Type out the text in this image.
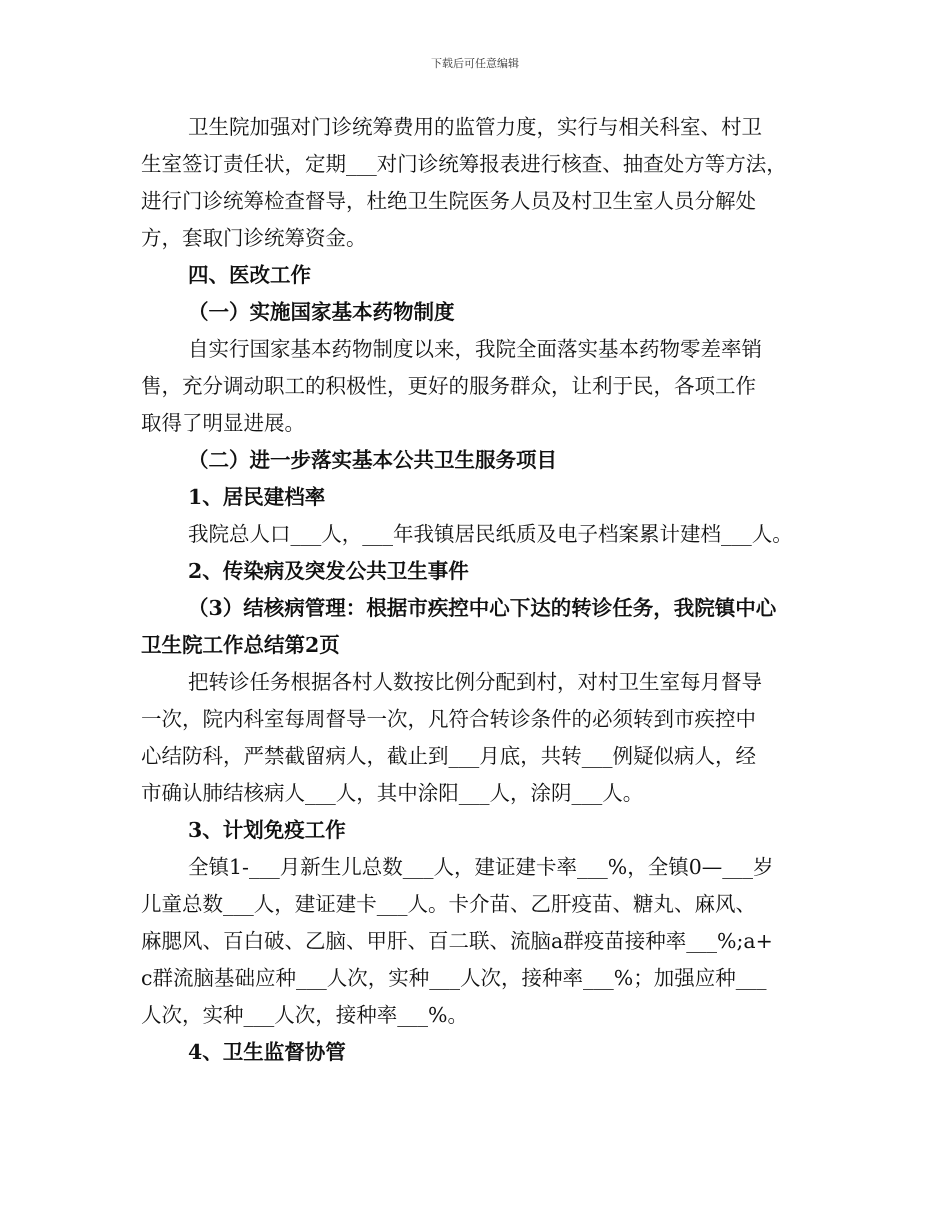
下载后可任意编辑
卫生院加强对门诊统筹费用的监管力度，实行与相关科室、村卫
生室签订责任状，定期___对门诊统筹报表进行核查、抽查处方等方法，
进行门诊统筹检查督导，杜绝卫生院医务人员及村卫生室人员分解处
方，套取门诊统筹资金。
四、医改工作
（一）实施国家基本药物制度
自实行国家基本药物制度以来，我院全面落实基本药物零差率销
售，充分调动职工的积极性，更好的服务群众，让利于民，各项工作
取得了明显进展。
（二）进一步落实基本公共卫生服务项目
1、居民建档率
我院总人口___人，___年我镇居民纸质及电子档案累计建档___人。
2、传染病及突发公共卫生事件
（3）结核病管理：根据市疾控中心下达的转诊任务，我院镇中心
卫生院工作总结第2页
把转诊任务根据各村人数按比例分配到村，对村卫生室每月督导
一次，院内科室每周督导一次，凡符合转诊条件的必须转到市疾控中
心结防科，严禁截留病人，截止到___月底，共转___例疑似病人，经
市确认肺结核病人___人，其中涂阳___人，涂阴___人。
3、计划免疫工作
全镇1-___月新生儿总数___人，建证建卡率___%，全镇0—___岁
儿童总数___人，建证建卡___人。卡介苗、乙肝疫苗、糖丸、麻风、
麻腮风、百白破、乙脑、甲肝、百二联、流脑a群疫苗接种率___%;a+
c群流脑基础应种___人次，实种___人次，接种率___%；加强应种___
人次，实种___人次，接种率___%。
4、卫生监督协管
